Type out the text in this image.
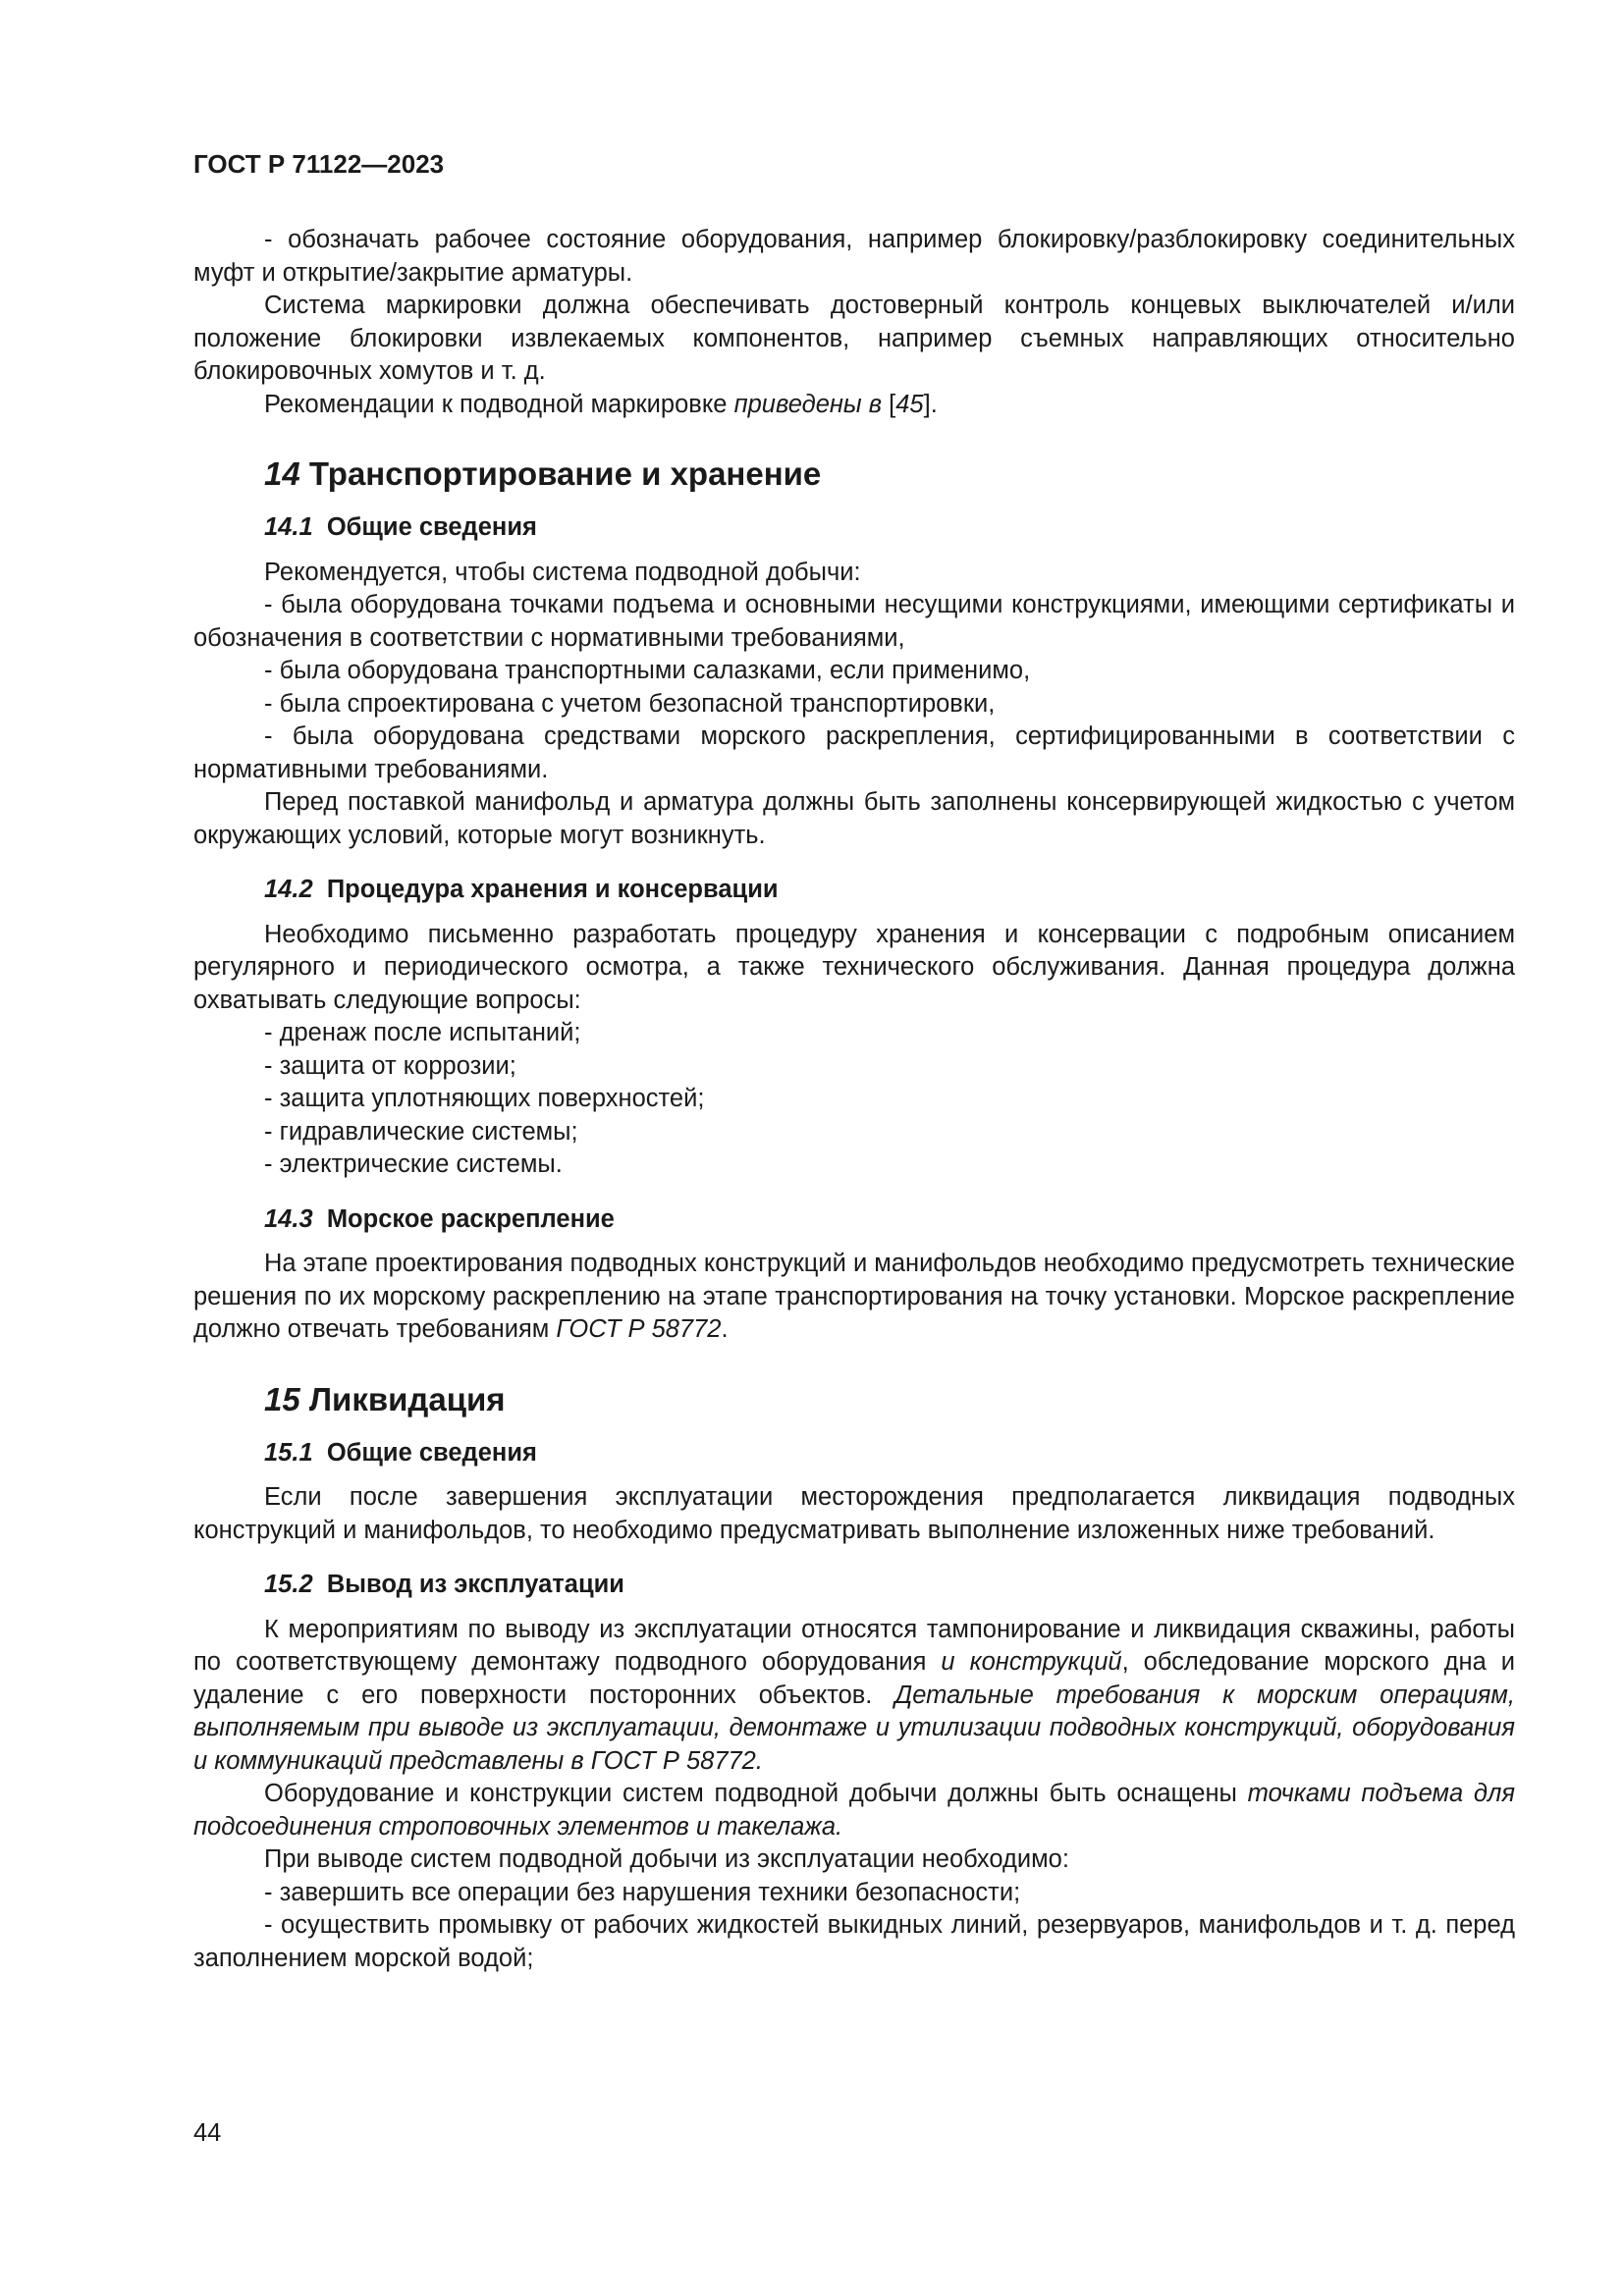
ГОСТ Р 71122—2023

- обозначать рабочее состояние оборудования, например блокировку/разблокировку соединительных муфт и открытие/закрытие арматуры.

Система маркировки должна обеспечивать достоверный контроль концевых выключателей и/или положение блокировки извлекаемых компонентов, например съемных направляющих относительно блокировочных хомутов и т. д.

Рекомендации к подводной маркировке приведены в [45].

14 Транспортирование и хранение
14.1 Общие сведения

Рекомендуется, чтобы система подводной добычи:

- была оборудована точками подъема и основными несущими конструкциями, имеющими сертификаты и обозначения в соответствии с нормативными требованиями,

- была оборудована транспортными салазками, если применимо,

- была спроектирована с учетом безопасной транспортировки,

- была оборудована средствами морского раскрепления, сертифицированными в соответствии с нормативными требованиями.

Перед поставкой манифольд и арматура должны быть заполнены консервирующей жидкостью с учетом окружающих условий, которые могут возникнуть.

14.2 Процедура хранения и консервации

Необходимо письменно разработать процедуру хранения и консервации с подробным описанием регулярного и периодического осмотра, а также технического обслуживания. Данная процедура должна охватывать следующие вопросы:

- дренаж после испытаний;

- защита от коррозии;

- защита уплотняющих поверхностей;

- гидравлические системы;

- электрические системы.

14.3 Морское раскрепление

На этапе проектирования подводных конструкций и манифольдов необходимо предусмотреть технические решения по их морскому раскреплению на этапе транспортирования на точку установки. Морское раскрепление должно отвечать требованиям ГОСТ Р 58772.

15 Ликвидация
15.1 Общие сведения

Если после завершения эксплуатации месторождения предполагается ликвидация подводных конструкций и манифольдов, то необходимо предусматривать выполнение изложенных ниже требований.

15.2 Вывод из эксплуатации

К мероприятиям по выводу из эксплуатации относятся тампонирование и ликвидация скважины, работы по соответствующему демонтажу подводного оборудования и конструкций, обследование морского дна и удаление с его поверхности посторонних объектов. Детальные требования к морским операциям, выполняемым при выводе из эксплуатации, демонтаже и утилизации подводных конструкций, оборудования и коммуникаций представлены в ГОСТ Р 58772.

Оборудование и конструкции систем подводной добычи должны быть оснащены точками подъема для подсоединения строповочных элементов и такелажа.

При выводе систем подводной добычи из эксплуатации необходимо:

- завершить все операции без нарушения техники безопасности;

- осуществить промывку от рабочих жидкостей выкидных линий, резервуаров, манифольдов и т. д. перед заполнением морской водой;

44
